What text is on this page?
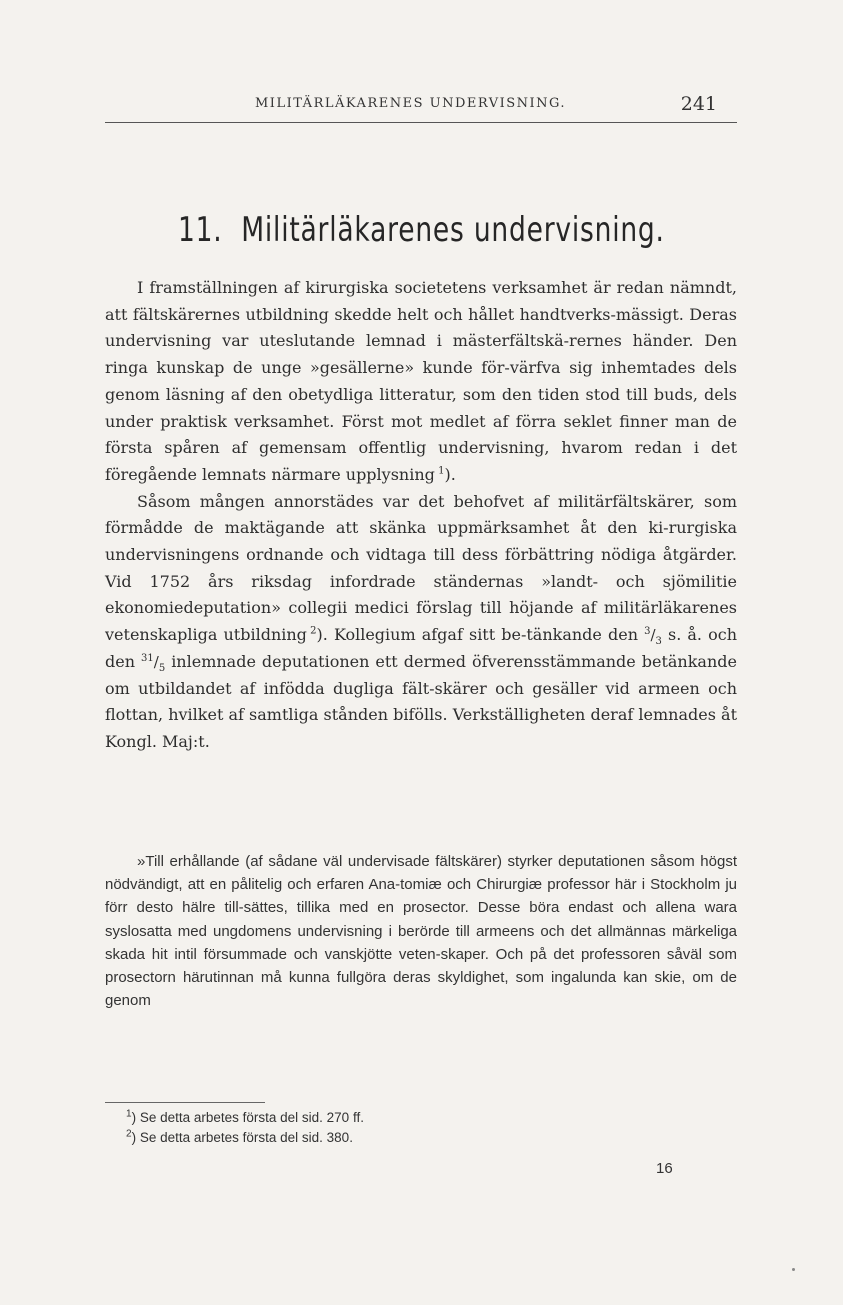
MILITÄRLÄKARENES UNDERVISNING.	241
11. Militärläkarenes undervisning.

I framställningen af kirurgiska societetens verksamhet är redan nämndt, att fältskärernes utbildning skedde helt och hållet handtverks-mässigt. Deras undervisning var uteslutande lemnad i mästerfältskä-rernes händer. Den ringa kunskap de unge »gesällerne» kunde för-värfva sig inhemtades dels genom läsning af den obetydliga litteratur, som den tiden stod till buds, dels under praktisk verksamhet. Först mot medlet af förra seklet finner man de första spåren af gemensam offentlig undervisning, hvarom redan i det föregående lemnats närmare upplysning  $^1$).

Såsom mången annorstädes var det behofvet af militärfältskärer, som förmådde de maktägande att skänka uppmärksamhet åt den ki-rurgiska undervisningens ordnande och vidtaga till dess förbättring nödiga åtgärder. Vid 1752 års riksdag infordrade ständernas »landt- och sjömilitie ekonomiedeputation» collegii medici förslag till höjande af militärläkarenes vetenskapliga utbildning  $^2$). Kollegium afgaf sitt be-tänkande den $^3/_3$ s. å. och den $^{31}/_5$ inlemnade deputationen ett dermed öfverensstämmande betänkande om utbildandet af infödda dugliga fält-skärer och gesäller vid armeen och flottan, hvilket af samtliga stånden bifölls. Verkställigheten deraf lemnades åt Kongl. Maj:t.

»Till erhållande (af sådane väl undervisade fältskärer) styrker deputationen såsom högst nödvändigt, att en pålitelig och erfaren Ana-tomiæ och Chirurgiæ professor här i Stockholm ju förr desto hälre till-sättes, tillika med en prosector. Desse böra endast och allena wara syslosatta med ungdomens undervisning i berörde till armeens och det allmännas märkeliga skada hit intil försummade och vanskjötte veten-skaper. Och på det professoren såväl som prosectorn härutinnan må kunna fullgöra deras skyldighet, som ingalunda kan skie, om de genom

$^1$) Se detta arbetes första del sid. 270 ff.
$^2$) Se detta arbetes första del sid. 380.
16
